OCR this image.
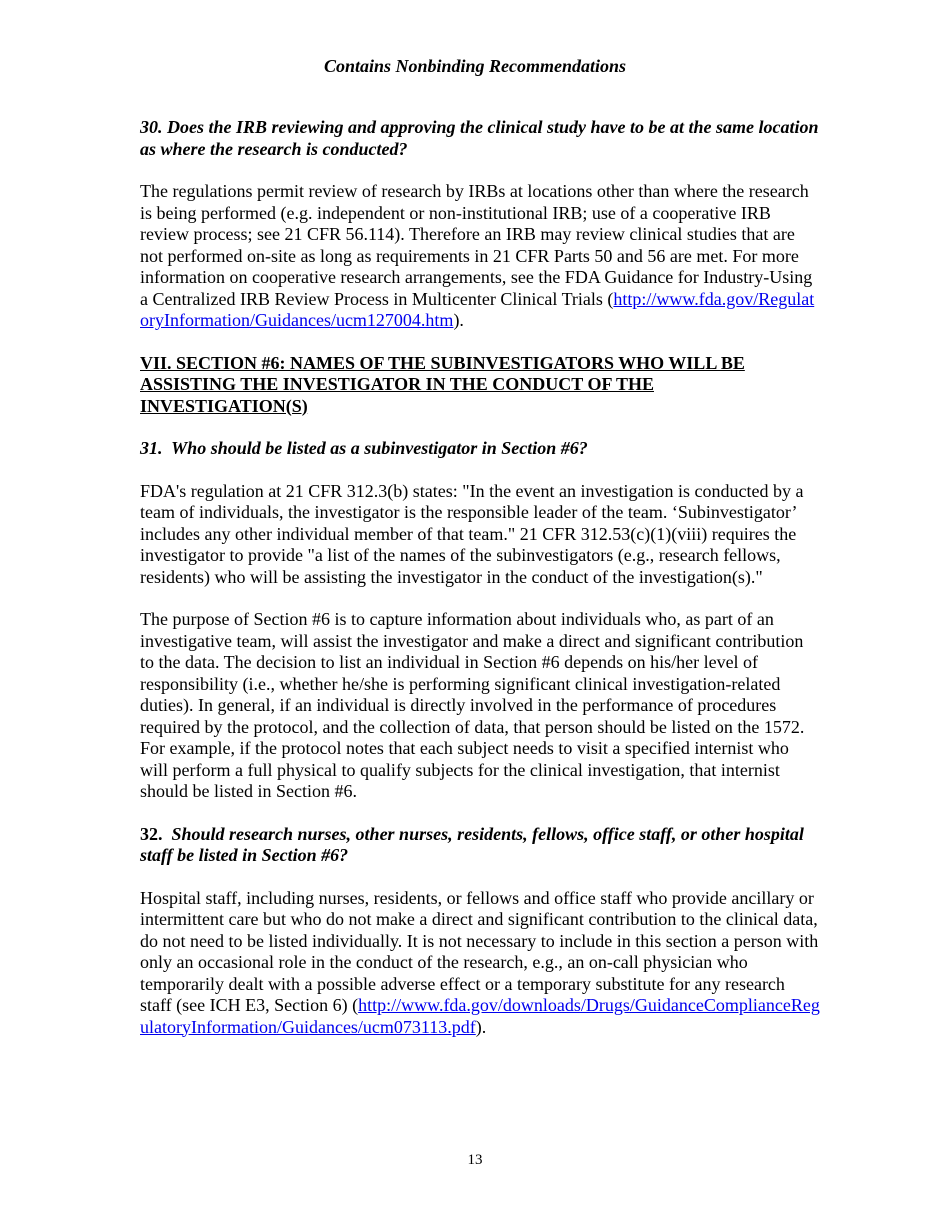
Contains Nonbinding Recommendations
30. Does the IRB reviewing and approving the clinical study have to be at the same location as where the research is conducted?

The regulations permit review of research by IRBs at locations other than where the research is being performed (e.g. independent or non-institutional IRB; use of a cooperative IRB review process; see 21 CFR 56.114). Therefore an IRB may review clinical studies that are not performed on-site as long as requirements in 21 CFR Parts 50 and 56 are met. For more information on cooperative research arrangements, see the FDA Guidance for Industry-Using a Centralized IRB Review Process in Multicenter Clinical Trials (http://www.fda.gov/RegulatoryInformation/Guidances/ucm127004.htm).

VII. SECTION #6: NAMES OF THE SUBINVESTIGATORS WHO WILL BE ASSISTING THE INVESTIGATOR IN THE CONDUCT OF THE INVESTIGATION(S)
31.  Who should be listed as a subinvestigator in Section #6?

FDA's regulation at 21 CFR 312.3(b) states: "In the event an investigation is conducted by a team of individuals, the investigator is the responsible leader of the team. ‘Subinvestigator’ includes any other individual member of that team." 21 CFR 312.53(c)(1)(viii) requires the investigator to provide "a list of the names of the subinvestigators (e.g., research fellows, residents) who will be assisting the investigator in the conduct of the investigation(s)."

The purpose of Section #6 is to capture information about individuals who, as part of an investigative team, will assist the investigator and make a direct and significant contribution to the data. The decision to list an individual in Section #6 depends on his/her level of responsibility (i.e., whether he/she is performing significant clinical investigation-related duties). In general, if an individual is directly involved in the performance of procedures required by the protocol, and the collection of data, that person should be listed on the 1572. For example, if the protocol notes that each subject needs to visit a specified internist who will perform a full physical to qualify subjects for the clinical investigation, that internist should be listed in Section #6.

32.  Should research nurses, other nurses, residents, fellows, office staff, or other hospital staff be listed in Section #6?

Hospital staff, including nurses, residents, or fellows and office staff who provide ancillary or intermittent care but who do not make a direct and significant contribution to the clinical data, do not need to be listed individually. It is not necessary to include in this section a person with only an occasional role in the conduct of the research, e.g., an on-call physician who temporarily dealt with a possible adverse effect or a temporary substitute for any research staff (see ICH E3, Section 6) (http://www.fda.gov/downloads/Drugs/GuidanceComplianceRegulatoryInformation/Guidances/ucm073113.pdf).

13
